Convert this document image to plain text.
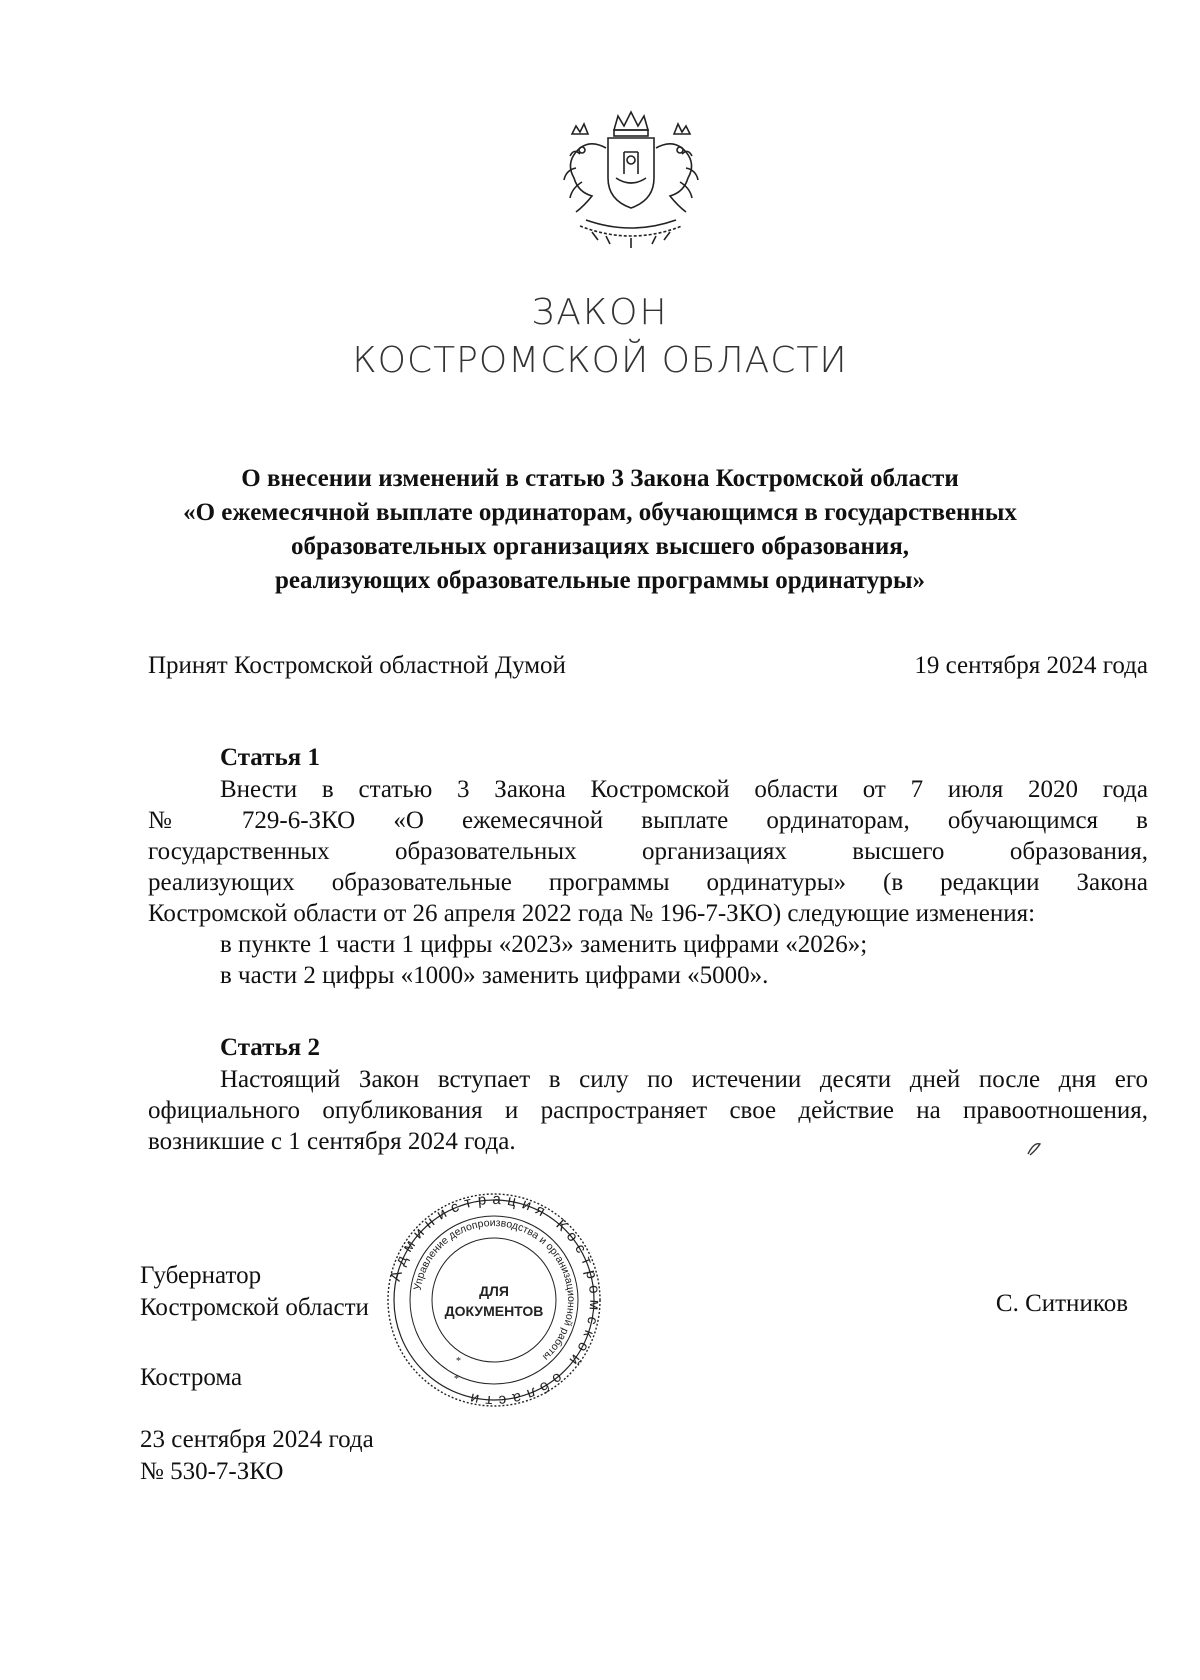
ЗАКОН
КОСТРОМСКОЙ ОБЛАСТИ
О внесении изменений в статью 3 Закона Костромской области
«О ежемесячной выплате ординаторам, обучающимся в государственных
образовательных организациях высшего образования,
реализующих образовательные программы ординатуры»
Принят Костромской областной Думой	19 сентября 2024 года
Статья 1
Внести в статью 3 Закона Костромской области от 7 июля 2020 года
№ 729-6-ЗКО «О ежемесячной выплате ординаторам, обучающимся в
государственных образовательных организациях высшего образования,
реализующих образовательные программы ординатуры» (в редакции Закона
Костромской области от 26 апреля 2022 года № 196-7-ЗКО) следующие изменения:
в пункте 1 части 1 цифры «2023» заменить цифрами «2026»;
в части 2 цифры «1000» заменить цифрами «5000».
Статья 2
Настоящий Закон вступает в силу по истечении десяти дней после дня его
официального опубликования и распространяет свое действие на правоотношения,
возникшие с 1 сентября 2024 года.
Губернатор
Костромской области	С. Ситников
Кострома
23 сентября 2024 года
№ 530-7-ЗКО
Администрация Костромской области
Управление делопроизводства и организационной работы
ДЛЯ
ДОКУМЕНТОВ
*
*
